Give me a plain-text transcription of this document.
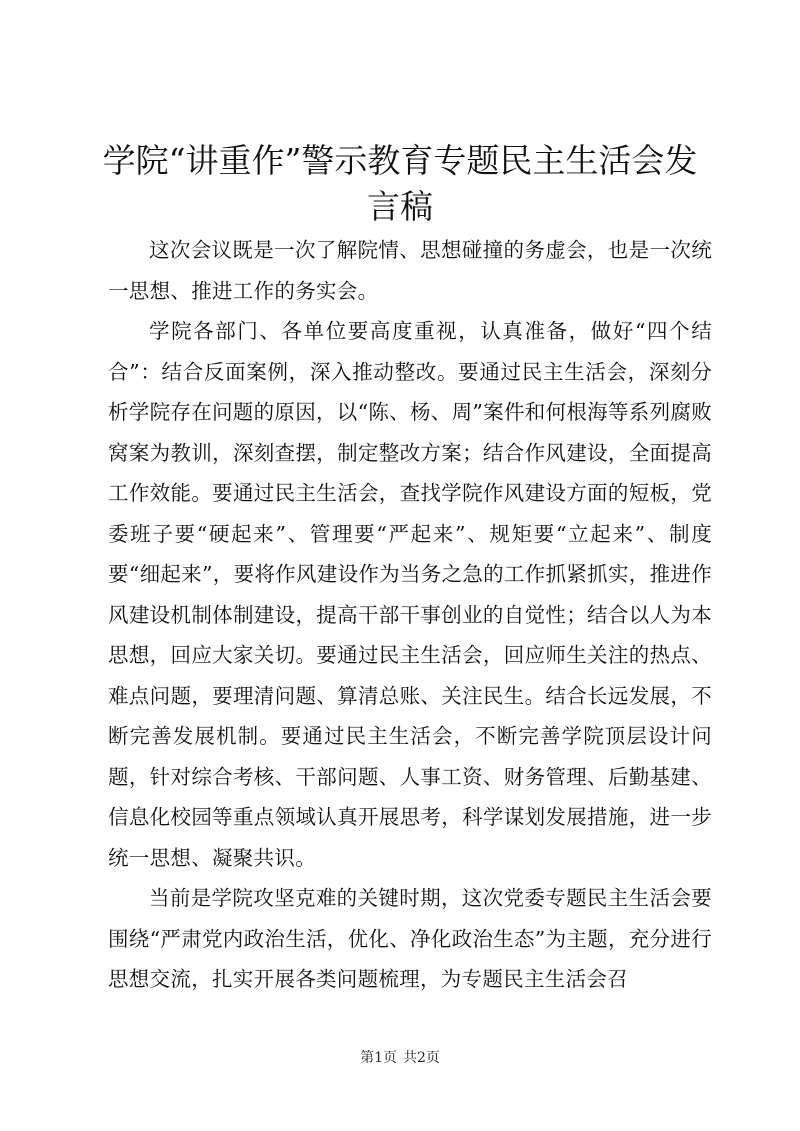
学院“讲重作”警示教育专题民主生活会发言稿

这次会议既是一次了解院情、思想碰撞的务虚会，也是一次统一思想、推进工作的务实会。

学院各部门、各单位要高度重视，认真准备，做好“四个结合”：结合反面案例，深入推动整改。要通过民主生活会，深刻分析学院存在问题的原因，以“陈、杨、周”案件和何根海等系列腐败窝案为教训，深刻查摆，制定整改方案；结合作风建设，全面提高工作效能。要通过民主生活会，查找学院作风建设方面的短板，党委班子要“硬起来”、管理要“严起来”、规矩要“立起来”、制度要“细起来”，要将作风建设作为当务之急的工作抓紧抓实，推进作风建设机制体制建设，提高干部干事创业的自觉性；结合以人为本思想，回应大家关切。要通过民主生活会，回应师生关注的热点、难点问题，要理清问题、算清总账、关注民生。结合长远发展，不断完善发展机制。要通过民主生活会，不断完善学院顶层设计问题，针对综合考核、干部问题、人事工资、财务管理、后勤基建、信息化校园等重点领域认真开展思考，科学谋划发展措施，进一步统一思想、凝聚共识。

当前是学院攻坚克难的关键时期，这次党委专题民主生活会要围绕“严肃党内政治生活，优化、净化政治生态”为主题，充分进行思想交流，扎实开展各类问题梳理，为专题民主生活会召

第1页 共2页
